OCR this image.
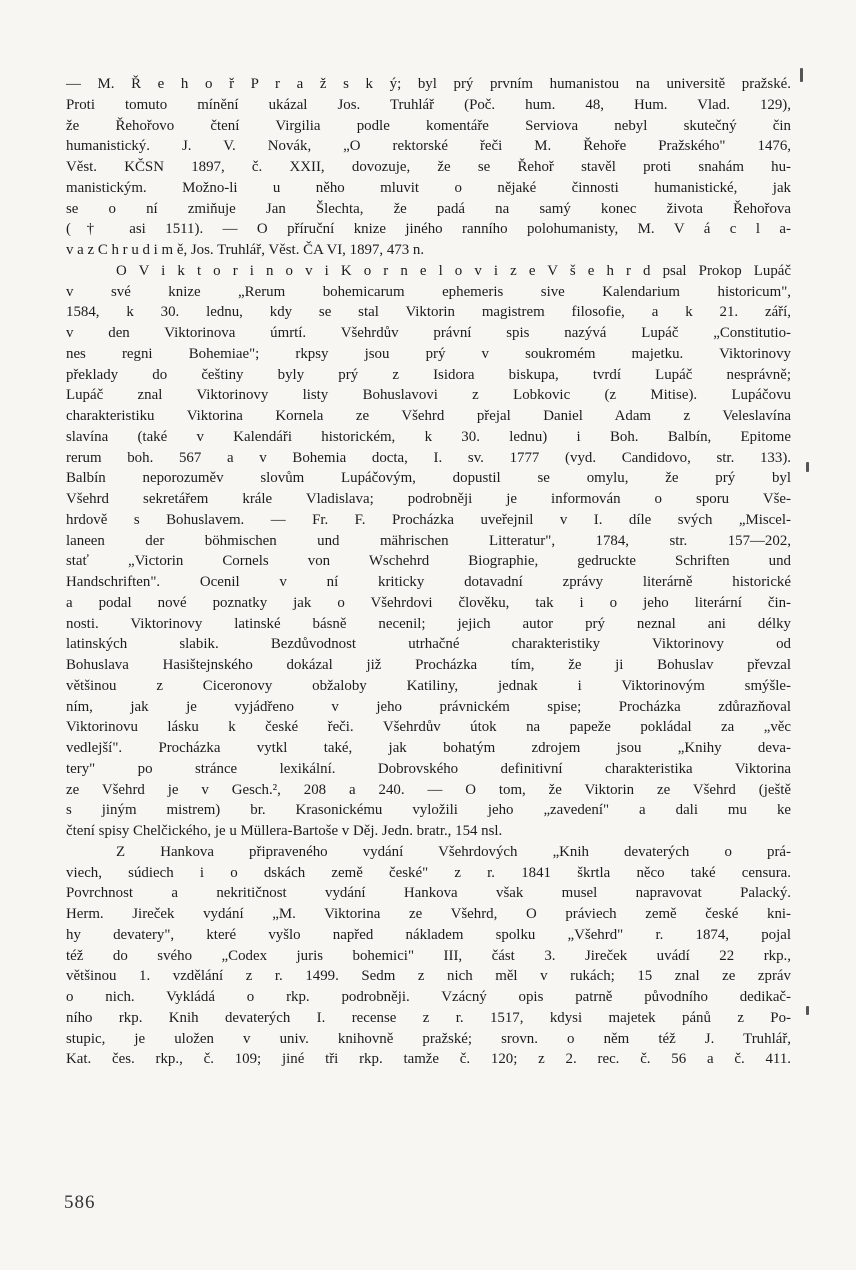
— M. Ř e h o ř P r a ž s k ý; byl prý prvním humanistou na universitě pražské.
Proti tomuto mínění ukázal Jos. Truhlář (Poč. hum. 48, Hum. Vlad. 129),
že Řehořovo čtení Virgilia podle komentáře Serviova nebyl skutečný čin
humanistický. J. V. Novák, „O rektorské řeči M. Řehoře Pražského" 1476,
Věst. KČSN 1897, č. XXII, dovozuje, že se Řehoř stavěl proti snahám hu-
manistickým. Možno-li u něho mluvit o nějaké činnosti humanistické, jak
se o ní zmiňuje Jan Šlechta, že padá na samý konec života Řehořova
(† asi 1511). — O příruční knize jiného ranního polohumanisty, M. V á c l a-
v a z C h r u d i m ě, Jos. Truhlář, Věst. ČA VI, 1897, 473 n.

O V i k t o r i n o v i K o r n e l o v i z e V š e h r d psal Prokop Lupáč
v své knize „Rerum bohemicarum ephemeris sive Kalendarium historicum",
1584, k 30. lednu, kdy se stal Viktorin magistrem filosofie, a k 21. září,
v den Viktorinova úmrtí. Všehrdův právní spis nazývá Lupáč „Constitutio-
nes regni Bohemiae"; rkpsy jsou prý v soukromém majetku. Viktorinovy
překlady do češtiny byly prý z Isidora biskupa, tvrdí Lupáč nesprávně;
Lupáč znal Viktorinovy listy Bohuslavovi z Lobkovic (z Mitise). Lupáčovu
charakteristiku Viktorina Kornela ze Všehrd přejal Daniel Adam z Veleslavína
slavína (také v Kalendáři historickém, k 30. lednu) i Boh. Balbín, Epitome
rerum boh. 567 a v Bohemia docta, I. sv. 1777 (vyd. Candidovo, str. 133).
Balbín neporozuměv slovům Lupáčovým, dopustil se omylu, že prý byl
Všehrd sekretářem krále Vladislava; podrobněji je informován o sporu Vše-
hrdově s Bohuslavem. — Fr. F. Procházka uveřejnil v I. díle svých „Miscel-
laneen der böhmischen und mährischen Litteratur", 1784, str. 157—202,
stať „Victorin Cornels von Wschehrd Biographie, gedruckte Schriften und
Handschriften". Ocenil v ní kriticky dotavadní zprávy literárně historické
a podal nové poznatky jak o Všehrdovi člověku, tak i o jeho literární čin-
nosti. Viktorinovy latinské básně necenil; jejich autor prý neznal ani délky
latinských slabik. Bezdůvodnost utrhačné charakteristiky Viktorinovy od
Bohuslava Hasištejnského dokázal již Procházka tím, že ji Bohuslav převzal
většinou z Ciceronovy obžaloby Katiliny, jednak i Viktorinovým smýšle-
ním, jak je vyjádřeno v jeho právnickém spise; Procházka zdůrazňoval
Viktorinovu lásku k české řeči. Všehrdův útok na papeže pokládal za „věc
vedlejší". Procházka vytkl také, jak bohatým zdrojem jsou „Knihy deva-
tery" po stránce lexikální. Dobrovského definitivní charakteristika Viktorina
ze Všehrd je v Gesch.², 208 a 240. — O tom, že Viktorin ze Všehrd (ještě
s jiným mistrem) br. Krasonickému vyložili jeho „zavedení" a dali mu ke
čtení spisy Chelčického, je u Müllera-Bartoše v Děj. Jedn. bratr., 154 nsl.

Z Hankova připraveného vydání Všehrdových „Knih devaterých o prá-
viech, súdiech i o dskách země české" z r. 1841 škrtla něco také censura.
Povrchnost a nekritičnost vydání Hankova však musel napravovat Palacký.
Herm. Jireček vydání „M. Viktorina ze Všehrd, O práviech země české kni-
hy devatery", které vyšlo napřed nákladem spolku „Všehrd" r. 1874, pojal
též do svého „Codex juris bohemici" III, část 3. Jireček uvádí 22 rkp.,
většinou 1. vzdělání z r. 1499. Sedm z nich měl v rukách; 15 znal ze zpráv
o nich. Vykládá o rkp. podrobněji. Vzácný opis patrně původního dedikač-
ního rkp. Knih devaterých I. recense z r. 1517, kdysi majetek pánů z Po-
stupic, je uložen v univ. knihovně pražské; srovn. o něm též J. Truhlář,
Kat. čes. rkp., č. 109; jiné tři rkp. tamže č. 120; z 2. rec. č. 56 a č. 411.

586
